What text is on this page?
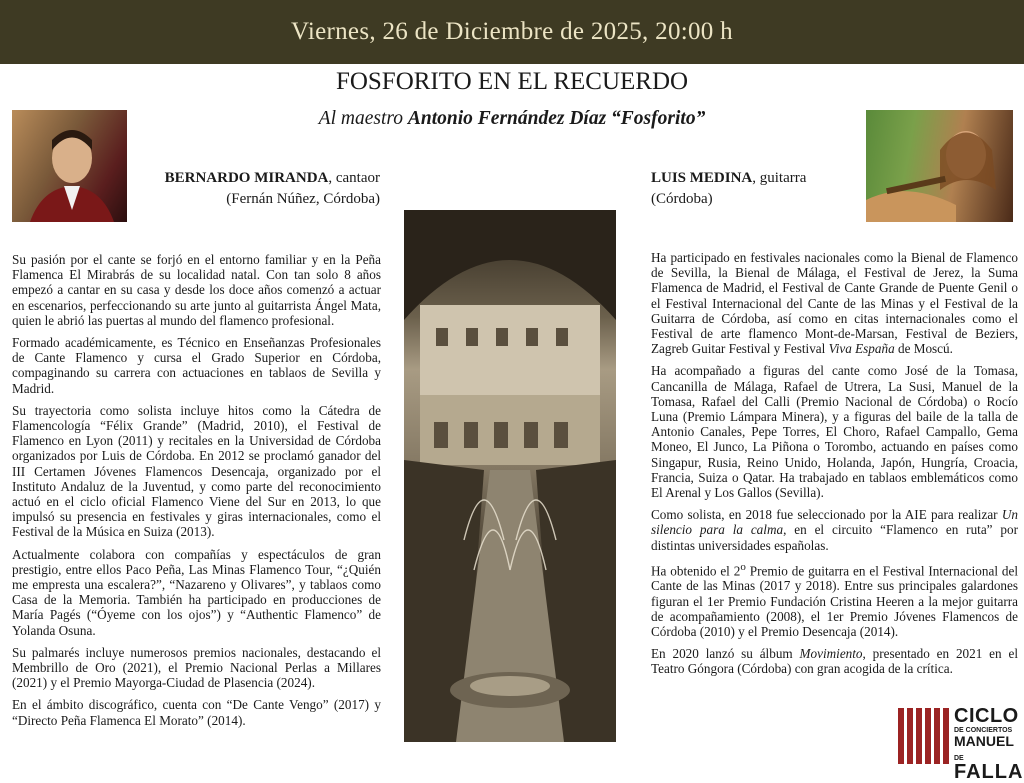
Viernes, 26 de Diciembre de 2025, 20:00 h
FOSFORITO EN EL RECUERDO
Al maestro Antonio Fernández Díaz “Fosforito”
BERNARDO MIRANDA, cantaor
(Fernán Núñez, Córdoba)
LUIS MEDINA, guitarra
(Córdoba)

Su pasión por el cante se forjó en el entorno familiar y en la Peña Flamenca El Mirabrás de su localidad natal. Con tan solo 8 años empezó a cantar en su casa y desde los doce años comenzó a actuar en escenarios, perfeccionando su arte junto al guitarrista Ángel Mata, quien le abrió las puertas al mundo del flamenco profesional.

Formado académicamente, es Técnico en Enseñanzas Profesionales de Cante Flamenco y cursa el Grado Superior en Córdoba, compaginando su carrera con actuaciones en tablaos de Sevilla y Madrid.

Su trayectoria como solista incluye hitos como la Cátedra de Flamencología “Félix Grande” (Madrid, 2010), el Festival de Flamenco en Lyon (2011) y recitales en la Universidad de Córdoba organizados por Luis de Córdoba. En 2012 se proclamó ganador del III Certamen Jóvenes Flamencos Desencaja, organizado por el Instituto Andaluz de la Juventud, y como parte del reconocimiento actuó en el ciclo oficial Flamenco Viene del Sur en 2013, lo que impulsó su presencia en festivales y giras internacionales, como el Festival de la Música en Suiza (2013).

Actualmente colabora con compañías y espectáculos de gran prestigio, entre ellos Paco Peña, Las Minas Flamenco Tour, “¿Quién me empresta una escalera?”, “Nazareno y Olivares”, y tablaos como Casa de la Memoria. También ha participado en producciones de María Pagés (“Óyeme con los ojos”) y “Authentic Flamenco” de Yolanda Osuna.

Su palmarés incluye numerosos premios nacionales, destacando el Membrillo de Oro (2021), el Premio Nacional Perlas a Millares (2021) y el Premio Mayorga-Ciudad de Plasencia (2024).

En el ámbito discográfico, cuenta con “De Cante Vengo” (2017) y “Directo Peña Flamenca El Morato” (2014).

Ha participado en festivales nacionales como la Bienal de Flamenco de Sevilla, la Bienal de Málaga, el Festival de Jerez, la Suma Flamenca de Madrid, el Festival de Cante Grande de Puente Genil o el Festival Internacional del Cante de las Minas y el Festival de la Guitarra de Córdoba, así como en citas internacionales como el Festival de arte flamenco Mont-de-Marsan, Festival de Beziers, Zagreb Guitar Festival y Festival Viva España de Moscú.

Ha acompañado a figuras del cante como José de la Tomasa, Cancanilla de Málaga, Rafael de Utrera, La Susi, Manuel de la Tomasa, Rafael del Calli (Premio Nacional de Córdoba) o Rocío Luna (Premio Lámpara Minera), y a figuras del baile de la talla de Antonio Canales, Pepe Torres, El Choro, Rafael Campallo, Gema Moneo, El Junco, La Piñona o Torombo, actuando en países como Singapur, Rusia, Reino Unido, Holanda, Japón, Hungría, Croacia, Francia, Suiza o Qatar. Ha trabajado en tablaos emblemáticos como El Arenal y Los Gallos (Sevilla).

Como solista, en 2018 fue seleccionado por la AIE para realizar Un silencio para la calma, en el circuito “Flamenco en ruta” por distintas universidades españolas.

Ha obtenido el 2$^o$ Premio de guitarra en el Festival Internacional del Cante de las Minas (2017 y 2018). Entre sus principales galardones figuran el 1er Premio Fundación Cristina Heeren a la mejor guitarra de acompañamiento (2008), el 1er Premio Jóvenes Flamencos de Córdoba (2010) y el Premio Desencaja (2014).

En 2020 lanzó su álbum Movimiento, presentado en 2021 en el Teatro Góngora (Córdoba) con gran acogida de la crítica.

CICLO
DE CONCIERTOS
MANUEL DE
FALLA
